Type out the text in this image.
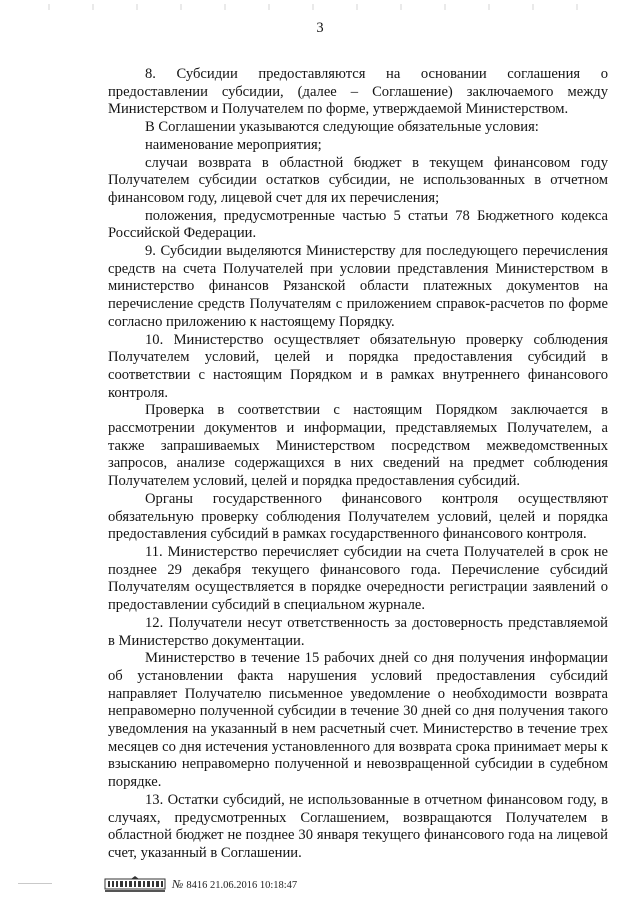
3

8. Субсидии предоставляются на основании соглашения о предоставлении субсидии, (далее – Соглашение) заключаемого между Министерством и Получателем по форме, утверждаемой Министерством.

В Соглашении указываются следующие обязательные условия:

наименование мероприятия;

случаи возврата в областной бюджет в текущем финансовом году Получателем субсидии остатков субсидии, не использованных в отчетном финансовом году, лицевой счет для их перечисления;

положения, предусмотренные частью 5 статьи 78 Бюджетного кодекса Российской Федерации.

9. Субсидии выделяются Министерству для последующего перечисления средств на счета Получателей при условии представления Министерством в министерство финансов Рязанской области платежных документов на перечисление средств Получателям с приложением справок-расчетов по форме согласно приложению к настоящему Порядку.

10. Министерство осуществляет обязательную проверку соблюдения Получателем условий, целей и порядка предоставления субсидий в соответствии с настоящим Порядком и в рамках внутреннего финансового контроля.

Проверка в соответствии с настоящим Порядком заключается в рассмотрении документов и информации, представляемых Получателем, а также запрашиваемых Министерством посредством межведомственных запросов, анализе содержащихся в них сведений на предмет соблюдения Получателем условий, целей и порядка предоставления субсидий.

Органы государственного финансового контроля осуществляют обязательную проверку соблюдения Получателем условий, целей и порядка предоставления субсидий в рамках государственного финансового контроля.

11. Министерство перечисляет субсидии на счета Получателей в срок не позднее 29 декабря текущего финансового года. Перечисление субсидий Получателям осуществляется в порядке очередности регистрации заявлений о предоставлении субсидий в специальном журнале.

12. Получатели несут ответственность за достоверность представляемой в Министерство документации.

Министерство в течение 15 рабочих дней со дня получения информации об установлении факта нарушения условий предоставления субсидий направляет Получателю письменное уведомление о необходимости возврата неправомерно полученной субсидии в течение 30 дней со дня получения такого уведомления на указанный в нем расчетный счет. Министерство в течение трех месяцев со дня истечения установленного для возврата срока принимает меры к взысканию неправомерно полученной и невозвращенной субсидии в судебном порядке.

13. Остатки субсидий, не использованные в отчетном финансовом году, в случаях, предусмотренных Соглашением, возвращаются Получателем в областной бюджет не позднее 30 января текущего финансового года на лицевой счет, указанный в Соглашении.

№ 8416 21.06.2016 10:18:47
